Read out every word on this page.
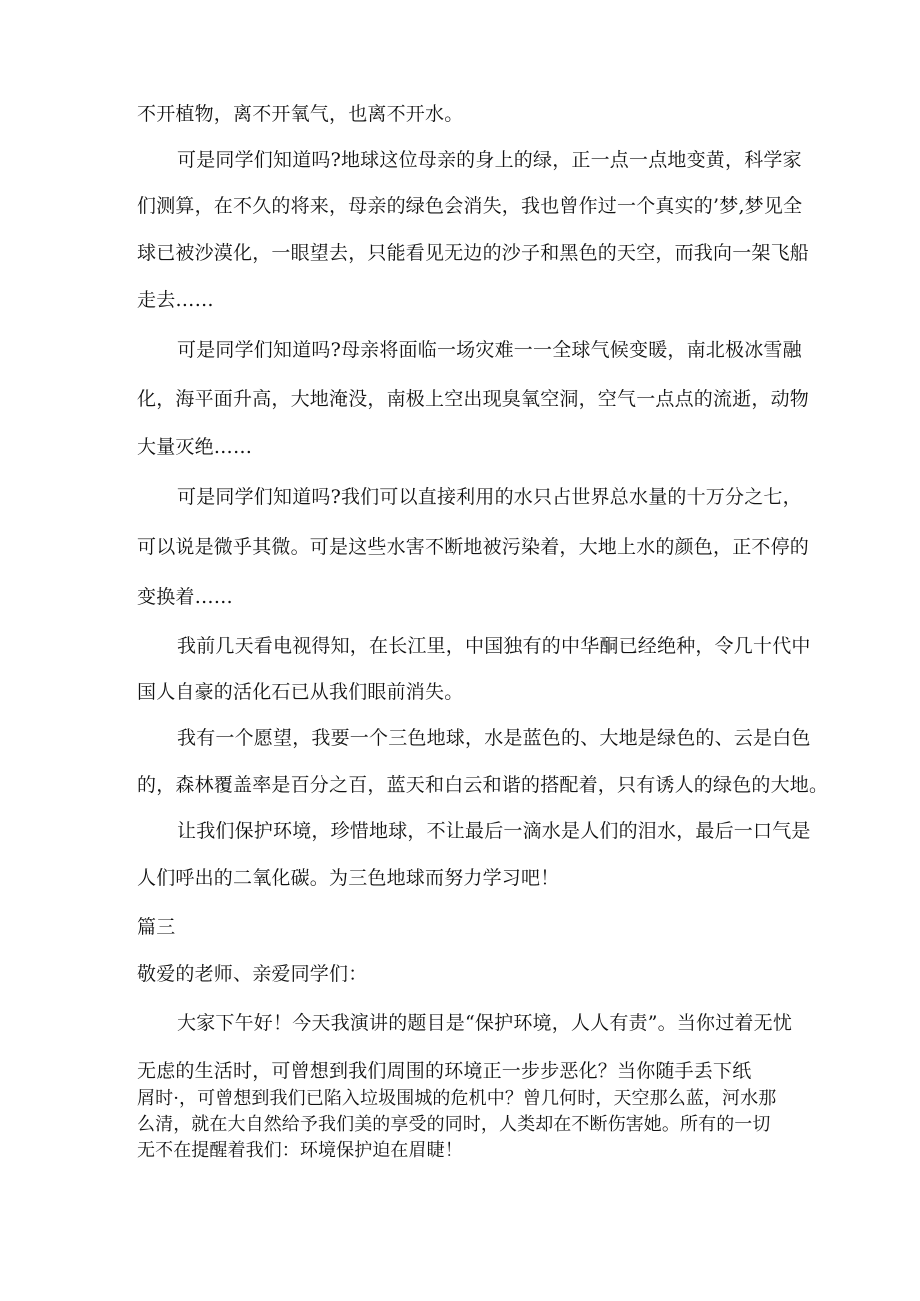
不开植物，离不开氧气，也离不开水。
可是同学们知道吗?地球这位母亲的身上的绿，正一点一点地变黄，科学家
们测算，在不久的将来，母亲的绿色会消失，我也曾作过一个真实的’梦,梦见全
球已被沙漠化，一眼望去，只能看见无边的沙子和黑色的天空，而我向一架飞船
走去……
可是同学们知道吗?母亲将面临一场灾难一一全球气候变暖，南北极冰雪融
化，海平面升高，大地淹没，南极上空出现臭氧空洞，空气一点点的流逝，动物
大量灭绝……
可是同学们知道吗?我们可以直接利用的水只占世界总水量的十万分之七，
可以说是微乎其微。可是这些水害不断地被污染着，大地上水的颜色，正不停的
变换着……
我前几天看电视得知，在长江里，中国独有的中华酮已经绝种，令几十代中
国人自豪的活化石已从我们眼前消失。
我有一个愿望，我要一个三色地球，水是蓝色的、大地是绿色的、云是白色
的，森林覆盖率是百分之百，蓝天和白云和谐的搭配着，只有诱人的绿色的大地。
让我们保护环境，珍惜地球，不让最后一滴水是人们的泪水，最后一口气是
人们呼出的二氧化碳。为三色地球而努力学习吧！
篇三
敬爱的老师、亲爱同学们：
大家下午好！今天我演讲的题目是“保护环境，人人有责”。当你过着无忧
无虑的生活时，可曾想到我们周围的环境正一步步恶化？当你随手丢下纸
屑时·，可曾想到我们已陷入垃圾围城的危机中？曾几何时，天空那么蓝，河水那
么清，就在大自然给予我们美的享受的同时，人类却在不断伤害她。所有的一切
无不在提醒着我们：环境保护迫在眉睫！
